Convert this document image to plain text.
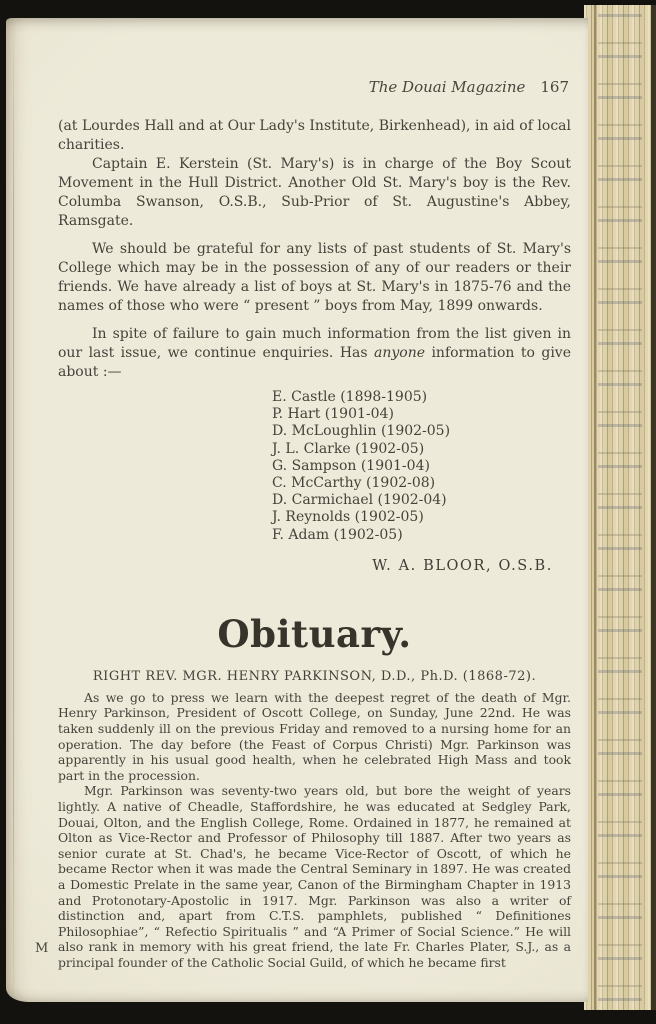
The Douai Magazine 167

(at Lourdes Hall and at Our Lady's Institute, Birkenhead), in aid of local charities.

Captain E. Kerstein (St. Mary's) is in charge of the Boy Scout Movement in the Hull District. Another Old St. Mary's boy is the Rev. Columba Swanson, O.S.B., Sub-Prior of St. Augustine's Abbey, Ramsgate.

We should be grateful for any lists of past students of St. Mary's College which may be in the possession of any of our readers or their friends. We have already a list of boys at St. Mary's in 1875-76 and the names of those who were “ present ” boys from May, 1899 onwards.

In spite of failure to gain much information from the list given in our last issue, we continue enquiries. Has anyone information to give about :—

E. Castle (1898-1905)
P. Hart (1901-04)
D. McLoughlin (1902-05)
J. L. Clarke (1902-05)
G. Sampson (1901-04)
C. McCarthy (1902-08)
D. Carmichael (1902-04)
J. Reynolds (1902-05)
F. Adam (1902-05)
W. A. BLOOR, O.S.B.
Obituary.
RIGHT REV. MGR. HENRY PARKINSON, D.D., Ph.D. (1868-72).

As we go to press we learn with the deepest regret of the death of Mgr. Henry Parkinson, President of Oscott College, on Sunday, June 22nd. He was taken suddenly ill on the previous Friday and removed to a nursing home for an operation. The day before (the Feast of Corpus Christi) Mgr. Parkinson was apparently in his usual good health, when he celebrated High Mass and took part in the procession.

Mgr. Parkinson was seventy-two years old, but bore the weight of years lightly. A native of Cheadle, Staffordshire, he was educated at Sedgley Park, Douai, Olton, and the English College, Rome. Ordained in 1877, he remained at Olton as Vice-Rector and Professor of Philosophy till 1887. After two years as senior curate at St. Chad's, he became Vice-Rector of Oscott, of which he became Rector when it was made the Central Seminary in 1897. He was created a Domestic Prelate in the same year, Canon of the Birmingham Chapter in 1913 and Protonotary-Apostolic in 1917. Mgr. Parkinson was also a writer of distinction and, apart from C.T.S. pamphlets, published “ Definitiones Philosophiae”, “ Refectio Spiritualis ” and “A Primer of Social Science.” He will also rank in memory with his great friend, the late Fr. Charles Plater, S.J., as a principal founder of the Catholic Social Guild, of which he became first

M
